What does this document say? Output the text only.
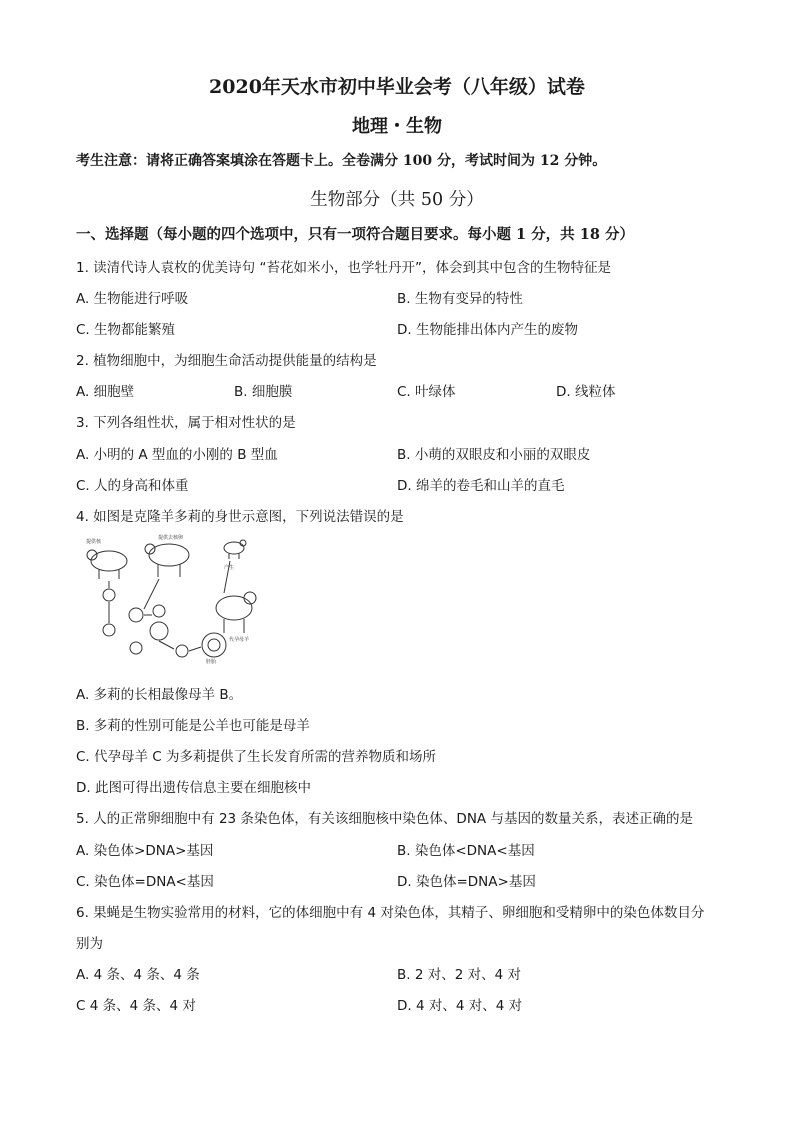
2020年天水市初中毕业会考（八年级）试卷
地理・生物
考生注意：请将正确答案填涂在答题卡上。全卷满分 100 分，考试时间为 12 分钟。
生物部分（共 50 分）
一、选择题（每小题的四个选项中，只有一项符合题目要求。每小题 1 分，共 18 分）
1. 读清代诗人袁枚的优美诗句 “苔花如米小，也学牡丹开”，体会到其中包含的生物特征是
A. 生物能进行呼吸	B. 生物有变异的特性
C. 生物都能繁殖	D. 生物能排出体内产生的废物
2. 植物细胞中，为细胞生命活动提供能量的结构是
A. 细胞壁	B. 细胞膜	C. 叶绿体	D. 线粒体
3. 下列各组性状，属于相对性状的是
A. 小明的 A 型血的小刚的 B 型血	B. 小萌的双眼皮和小丽的双眼皮
C. 人的身高和体重	D. 绵羊的卷毛和山羊的直毛
4. 如图是克隆羊多莉的身世示意图，下列说法错误的是
提供核
提供去核卵
产生
代孕母羊
胚胎
A. 多莉的长相最像母羊 B。
B. 多莉的性别可能是公羊也可能是母羊
C. 代孕母羊 C 为多莉提供了生长发育所需的营养物质和场所
D. 此图可得出遗传信息主要在细胞核中
5. 人的正常卵细胞中有 23 条染色体，有关该细胞核中染色体、DNA 与基因的数量关系，表述正确的是
A. 染色体>DNA>基因	B. 染色体<DNA<基因
C. 染色体=DNA<基因	D. 染色体=DNA>基因
6. 果蝇是生物实验常用的材料，它的体细胞中有 4 对染色体，其精子、卵细胞和受精卵中的染色体数目分
别为
A. 4 条、4 条、4 条	B. 2 对、2 对、4 对
C 4 条、4 条、4 对	D. 4 对、4 对、4 对
